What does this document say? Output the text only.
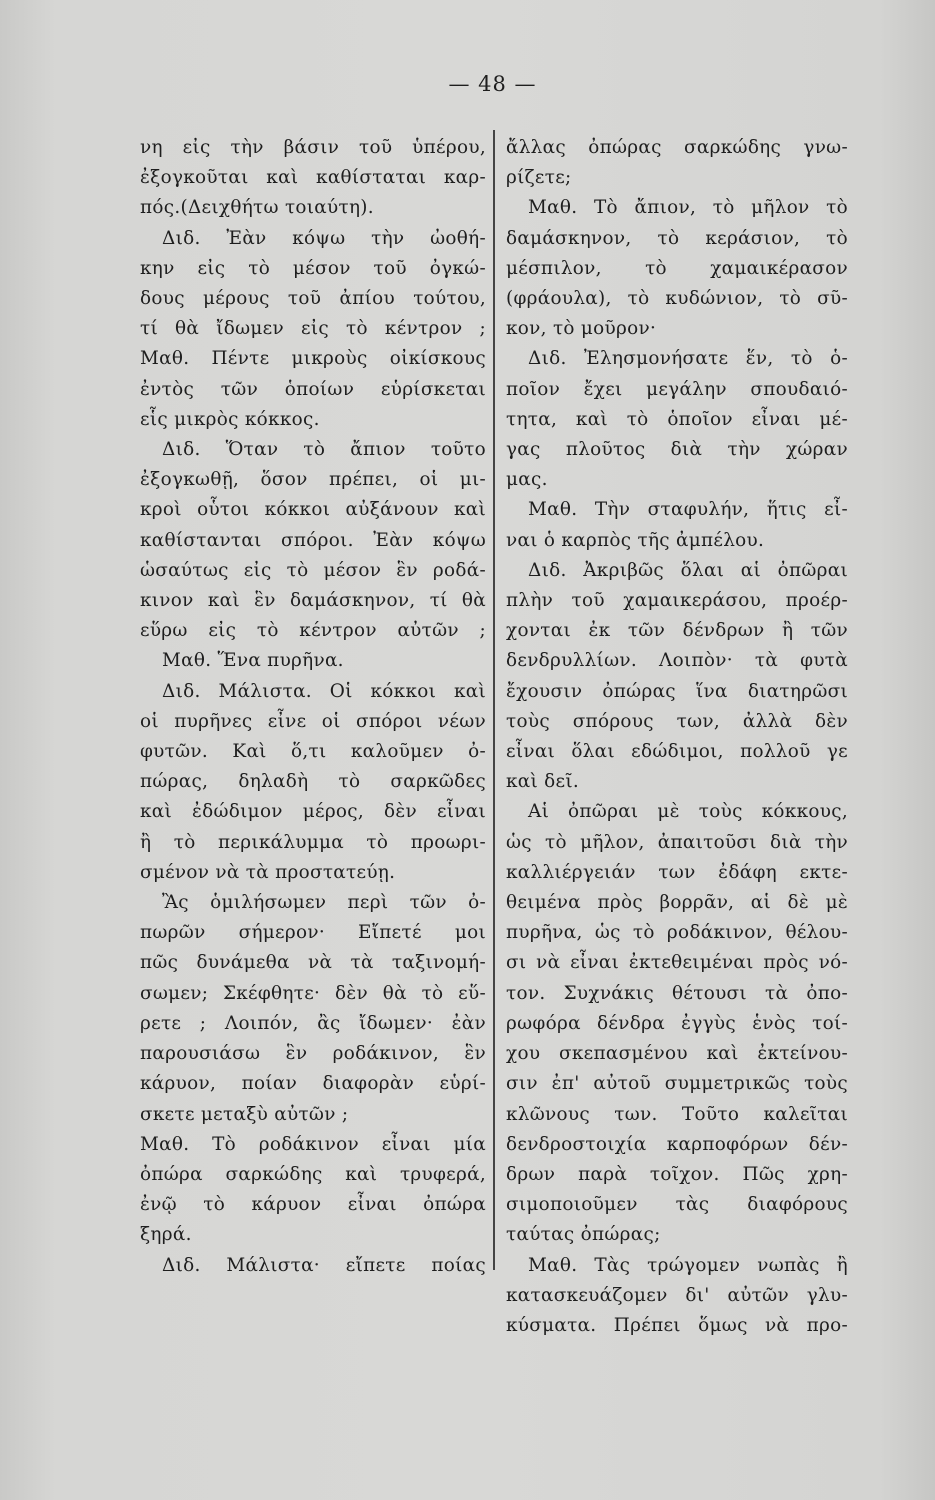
— 48 —
νη εἰς τὴν βάσιν τοῦ ὑπέρου,
ἐξογκοῦται καὶ καθίσταται καρ-
πός.(Δειχθήτω τοιαύτη).
Διδ. Ἐὰν κόψω τὴν ὠοθή-
κην εἰς τὸ μέσον τοῦ ὀγκώ-
δους μέρους τοῦ ἀπίου τούτου,
τί θὰ ἴδωμεν εἰς τὸ κέντρον ;
Μαθ. Πέντε μικροὺς οἰκίσκους
ἐντὸς τῶν ὁποίων εὑρίσκεται
εἷς μικρὸς κόκκος.
Διδ. Ὅταν τὸ ἄπιον τοῦτο
ἐξογκωθῇ, ὅσον πρέπει, οἱ μι-
κροὶ οὗτοι κόκκοι αὐξάνουν καὶ
καθίστανται σπόροι. Ἐὰν κόψω
ὡσαύτως εἰς τὸ μέσον ἓν ροδά-
κινον καὶ ἓν δαμάσκηνον, τί θὰ
εὕρω εἰς τὸ κέντρον αὐτῶν ;
Μαθ. Ἕνα πυρῆνα.
Διδ. Μάλιστα. Οἱ κόκκοι καὶ
οἱ πυρῆνες εἶνε οἱ σπόροι νέων
φυτῶν. Καὶ ὅ,τι καλοῦμεν ὀ-
πώρας, δηλαδὴ τὸ σαρκῶδες
καὶ ἐδώδιμον μέρος, δὲν εἶναι
ἢ τὸ περικάλυμμα τὸ προωρι-
σμένον νὰ τὰ προστατεύῃ.
Ἂς ὁμιλήσωμεν περὶ τῶν ὀ-
πωρῶν σήμερον· Εἴπετέ μοι
πῶς δυνάμεθα νὰ τὰ ταξινομή-
σωμεν; Σκέφθητε· δὲν θὰ τὸ εὕ-
ρετε ; Λοιπόν, ἂς ἴδωμεν· ἐὰν
παρουσιάσω ἓν ροδάκινον, ἓν
κάρυον, ποίαν διαφορὰν εὑρί-
σκετε μεταξὺ αὐτῶν ;
Μαθ. Τὸ ροδάκινον εἶναι μία
ὀπώρα σαρκώδης καὶ τρυφερά,
ἐνῷ τὸ κάρυον εἶναι ὀπώρα
ξηρά.
Διδ. Μάλιστα· εἴπετε ποίας
ἄλλας ὀπώρας σαρκώδης γνω-
ρίζετε;
Μαθ. Τὸ ἄπιον, τὸ μῆλον τὸ
δαμάσκηνον, τὸ κεράσιον, τὸ
μέσπιλον, τὸ χαμαικέρασον
(φράουλα), τὸ κυδώνιον, τὸ σῦ-
κον, τὸ μοῦρον·
Διδ. Ἐλησμονήσατε ἕν, τὸ ὁ-
ποῖον ἔχει μεγάλην σπουδαιό-
τητα, καὶ τὸ ὁποῖον εἶναι μέ-
γας πλοῦτος διὰ τὴν χώραν
μας.
Μαθ. Τὴν σταφυλήν, ἥτις εἶ-
ναι ὁ καρπὸς τῆς ἀμπέλου.
Διδ. Ἀκριβῶς ὅλαι αἱ ὀπῶραι
πλὴν τοῦ χαμαικεράσου, προέρ-
χονται ἐκ τῶν δένδρων ἢ τῶν
δενδρυλλίων. Λοιπὸν· τὰ φυτὰ
ἔχουσιν ὀπώρας ἵνα διατηρῶσι
τοὺς σπόρους των, ἀλλὰ δὲν
εἶναι ὅλαι εδώδιμοι, πολλοῦ γε
καὶ δεῖ.
Αἱ ὀπῶραι μὲ τοὺς κόκκους,
ὡς τὸ μῆλον, ἀπαιτοῦσι διὰ τὴν
καλλιέργειάν των ἐδάφη εκτε-
θειμένα πρὸς βορρᾶν, αἱ δὲ μὲ
πυρῆνα, ὡς τὸ ροδάκινον, θέλου-
σι νὰ εἶναι ἐκτεθειμέναι πρὸς νό-
τον. Συχνάκις θέτουσι τὰ ὀπο-
ρωφόρα δένδρα ἐγγὺς ἑνὸς τοί-
χου σκεπασμένου καὶ ἐκτείνου-
σιν ἐπ' αὐτοῦ συμμετρικῶς τοὺς
κλῶνους των. Τοῦτο καλεῖται
δενδροστοιχία καρποφόρων δέν-
δρων παρὰ τοῖχον. Πῶς χρη-
σιμοποιοῦμεν τὰς διαφόρους
ταύτας ὀπώρας;
Μαθ. Τὰς τρώγομεν νωπὰς ἢ
κατασκευάζομεν δι' αὐτῶν γλυ-
κύσματα. Πρέπει ὅμως νὰ προ-
